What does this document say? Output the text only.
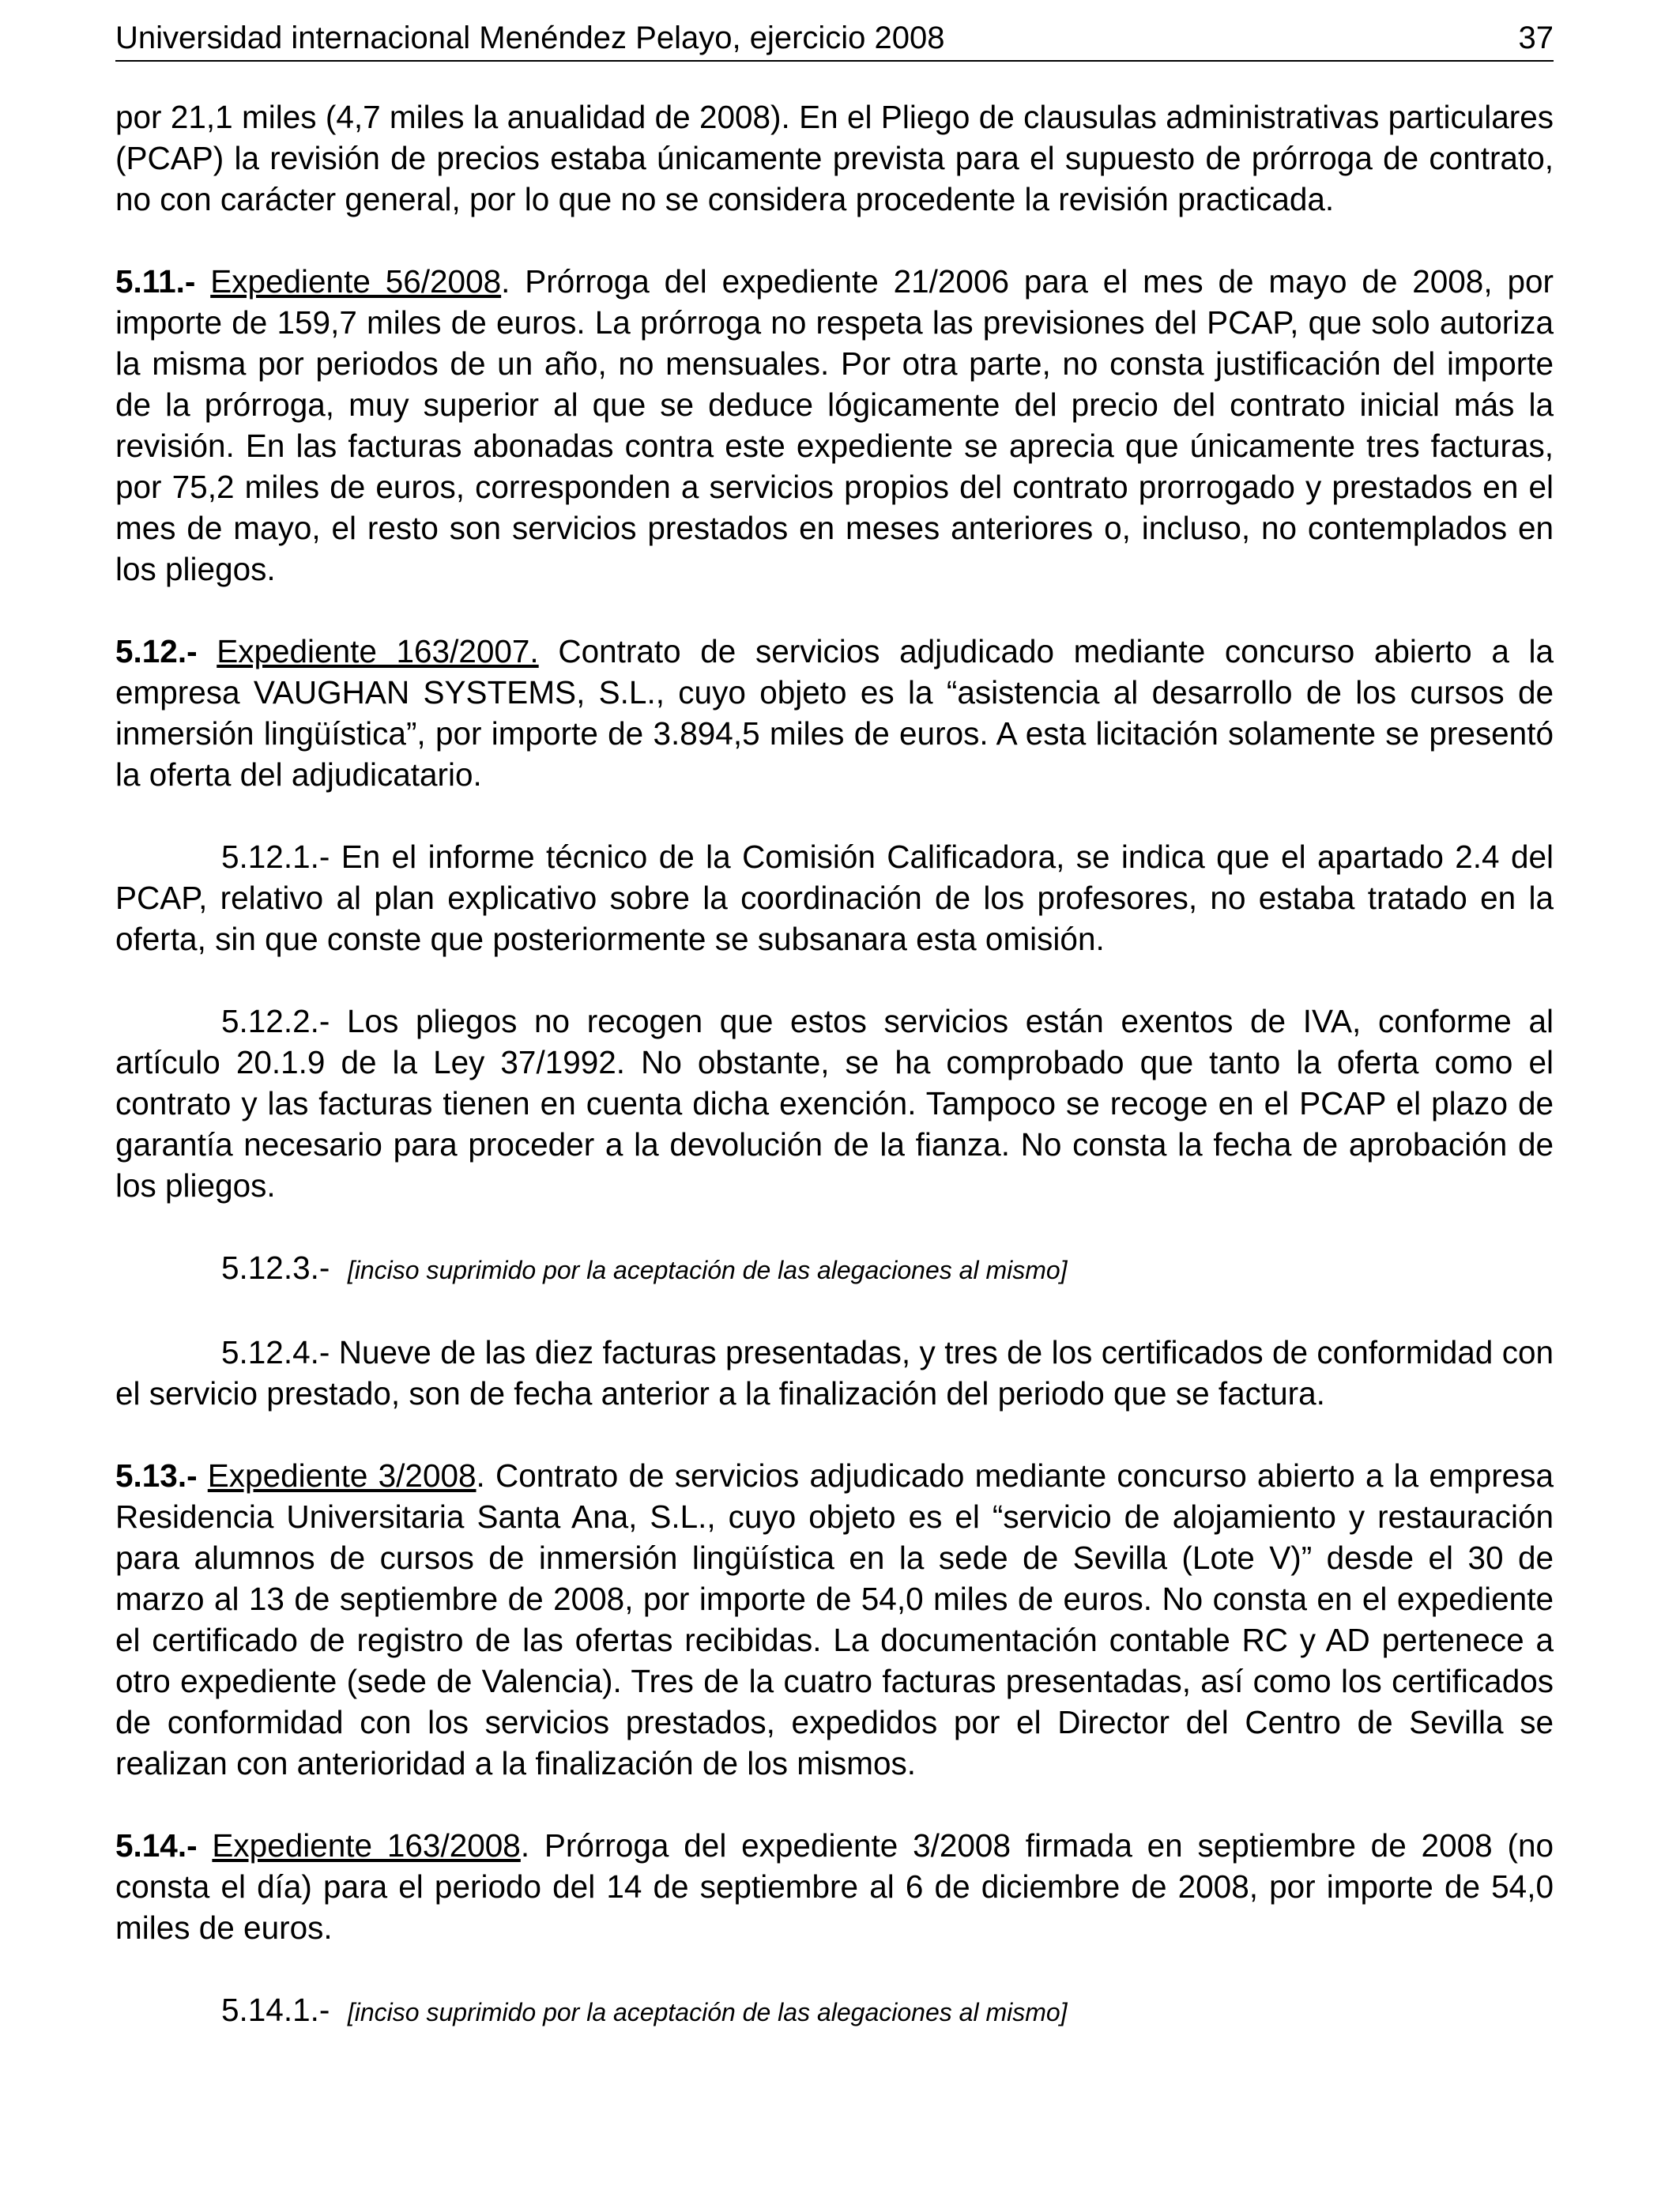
Universidad internacional Menéndez Pelayo, ejercicio 2008	37

por 21,1 miles (4,7 miles la anualidad de 2008). En el Pliego de clausulas administrativas particulares (PCAP) la revisión de precios estaba únicamente prevista para el supuesto de prórroga de contrato, no con carácter general, por lo que no se considera procedente la revisión practicada.

5.11.- Expediente 56/2008. Prórroga del expediente 21/2006 para el mes de mayo de 2008, por importe de 159,7 miles de euros. La prórroga no respeta las previsiones del PCAP, que solo autoriza la misma por periodos de un año, no mensuales. Por otra parte, no consta justificación del importe de la prórroga, muy superior al que se deduce lógicamente del precio del contrato inicial más la revisión. En las facturas abonadas contra este expediente se aprecia que únicamente tres facturas, por 75,2 miles de euros, corresponden a servicios propios del contrato prorrogado y prestados en el mes de mayo, el resto son servicios prestados en meses anteriores o, incluso, no contemplados en los pliegos.

5.12.- Expediente 163/2007. Contrato de servicios adjudicado mediante concurso abierto a la empresa VAUGHAN SYSTEMS, S.L., cuyo objeto es la “asistencia al desarrollo de los cursos de inmersión lingüística”, por importe de 3.894,5 miles de euros. A esta licitación solamente se presentó la oferta del adjudicatario.

5.12.1.- En el informe técnico de la Comisión Calificadora, se indica que el apartado 2.4 del PCAP, relativo al plan explicativo sobre la coordinación de los profesores, no estaba tratado en la oferta, sin que conste que posteriormente se subsanara esta omisión.

5.12.2.- Los pliegos no recogen que estos servicios están exentos de IVA, conforme al artículo 20.1.9 de la Ley 37/1992. No obstante, se ha comprobado que tanto la oferta como el contrato y las facturas tienen en cuenta dicha exención. Tampoco se recoge en el PCAP el plazo de garantía necesario para proceder a la devolución de la fianza. No consta la fecha de aprobación de los pliegos.

5.12.3.- [inciso suprimido por la aceptación de las alegaciones al mismo]

5.12.4.- Nueve de las diez facturas presentadas, y tres de los certificados de conformidad con el servicio prestado, son de fecha anterior a la finalización del periodo que se factura.

5.13.- Expediente 3/2008. Contrato de servicios adjudicado mediante concurso abierto a la empresa Residencia Universitaria Santa Ana, S.L., cuyo objeto es el “servicio de alojamiento y restauración para alumnos de cursos de inmersión lingüística en la sede de Sevilla (Lote V)” desde el 30 de marzo al 13 de septiembre de 2008, por importe de 54,0 miles de euros. No consta en el expediente el certificado de registro de las ofertas recibidas. La documentación contable RC y AD pertenece a otro expediente (sede de Valencia). Tres de la cuatro facturas presentadas, así como los certificados de conformidad con los servicios prestados, expedidos por el Director del Centro de Sevilla se realizan con anterioridad a la finalización de los mismos.

5.14.- Expediente 163/2008. Prórroga del expediente 3/2008 firmada en septiembre de 2008 (no consta el día) para el periodo del 14 de septiembre al 6 de diciembre de 2008, por importe de 54,0 miles de euros.

5.14.1.- [inciso suprimido por la aceptación de las alegaciones al mismo]
